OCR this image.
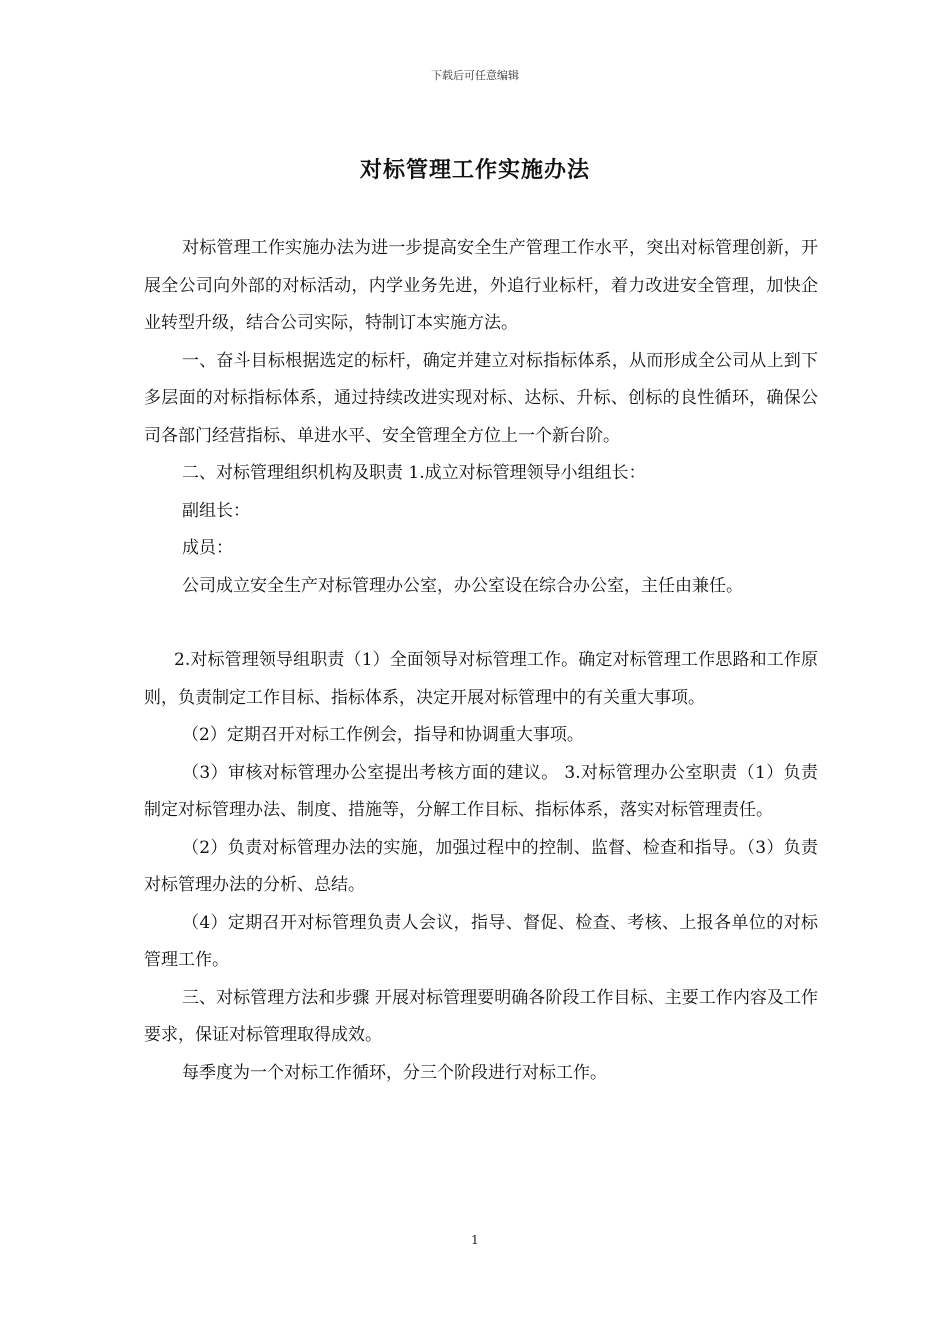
下载后可任意编辑
对标管理工作实施办法

对标管理工作实施办法为进一步提高安全生产管理工作水平，突出对标管理创新，开展全公司向外部的对标活动，内学业务先进，外追行业标杆，着力改进安全管理，加快企业转型升级，结合公司实际，特制订本实施方法。

一、奋斗目标根据选定的标杆，确定并建立对标指标体系，从而形成全公司从上到下多层面的对标指标体系，通过持续改进实现对标、达标、升标、创标的良性循环，确保公司各部门经营指标、单进水平、安全管理全方位上一个新台阶。

二、对标管理组织机构及职责 1.成立对标管理领导小组组长：

副组长：

成员：

公司成立安全生产对标管理办公室，办公室设在综合办公室，主任由兼任。

2.对标管理领导组职责（1）全面领导对标管理工作。确定对标管理工作思路和工作原则，负责制定工作目标、指标体系，决定开展对标管理中的有关重大事项。

（2）定期召开对标工作例会，指导和协调重大事项。

（3）审核对标管理办公室提出考核方面的建议。 3.对标管理办公室职责（1）负责制定对标管理办法、制度、措施等，分解工作目标、指标体系，落实对标管理责任。

（2）负责对标管理办法的实施，加强过程中的控制、监督、检查和指导。（3）负责对标管理办法的分析、总结。

（4）定期召开对标管理负责人会议，指导、督促、检查、考核、上报各单位的对标管理工作。

三、对标管理方法和步骤 开展对标管理要明确各阶段工作目标、主要工作内容及工作要求，保证对标管理取得成效。

每季度为一个对标工作循环，分三个阶段进行对标工作。

1
